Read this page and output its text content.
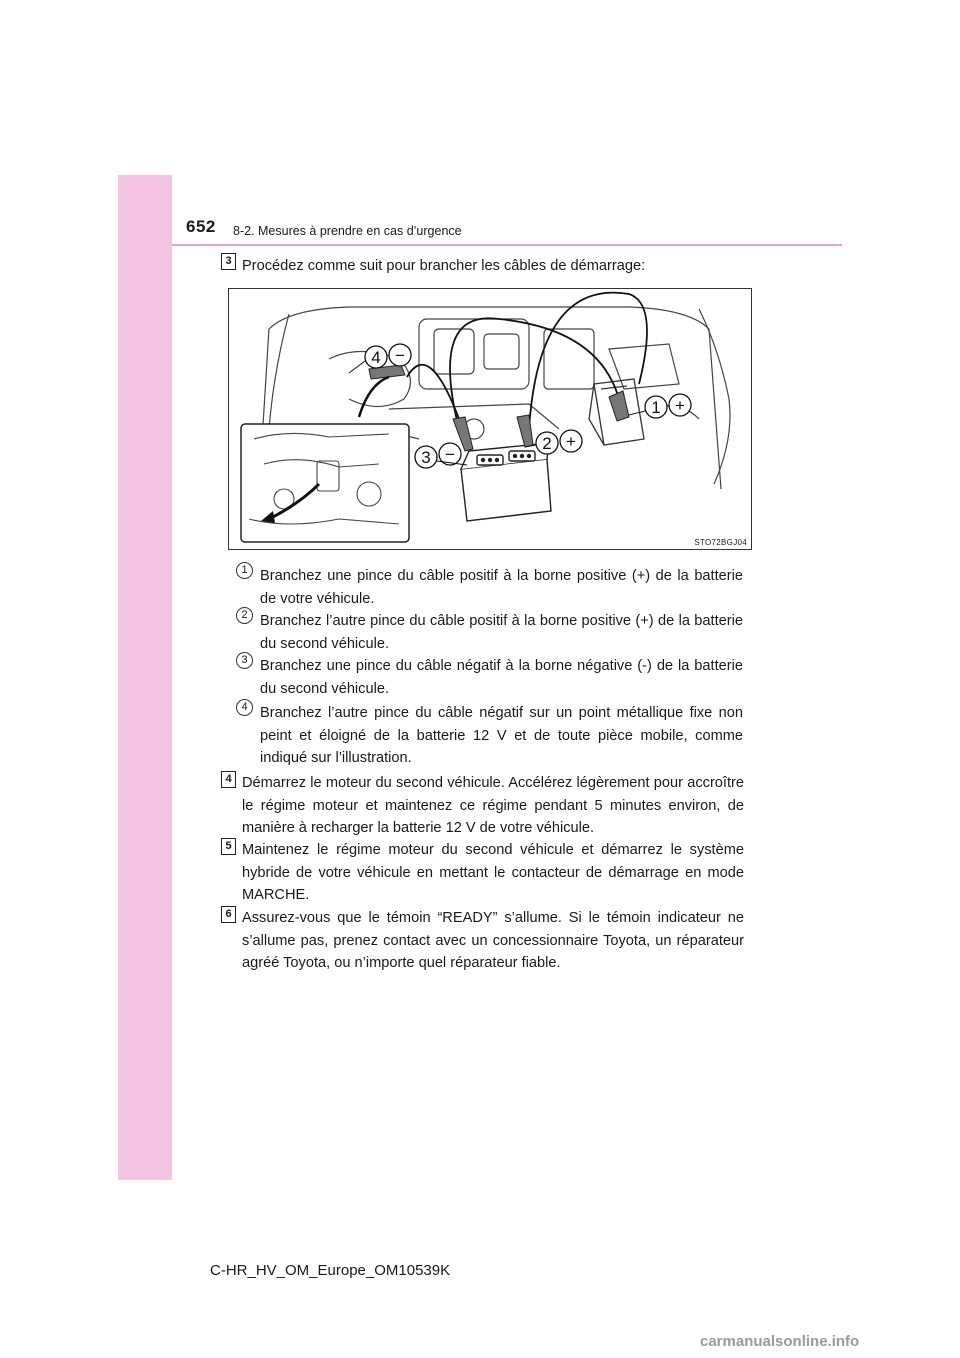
652 8-2. Mesures à prendre en cas d’urgence
3 Procédez comme suit pour brancher les câbles de démarrage:
4 −
3 −
2 +
1 +
STO72BGJ04
1 Branchez une pince du câble positif à la borne positive (+) de la batterie de votre véhicule.
2 Branchez l’autre pince du câble positif à la borne positive (+) de la batterie du second véhicule.
3 Branchez une pince du câble négatif à la borne négative (-) de la batterie du second véhicule.
4 Branchez l’autre pince du câble négatif sur un point métallique fixe non peint et éloigné de la batterie 12 V et de toute pièce mobile, comme indiqué sur l’illustration.
4 Démarrez le moteur du second véhicule. Accélérez légèrement pour accroître le régime moteur et maintenez ce régime pendant 5 minutes environ, de manière à recharger la batterie 12 V de votre véhicule.
5 Maintenez le régime moteur du second véhicule et démarrez le système hybride de votre véhicule en mettant le contacteur de démarrage en mode MARCHE.
6 Assurez-vous que le témoin “READY” s’allume. Si le témoin indicateur ne s’allume pas, prenez contact avec un concessionnaire Toyota, un réparateur agréé Toyota, ou n’importe quel réparateur fiable.
C-HR_HV_OM_Europe_OM10539K
carmanualsonline.info
